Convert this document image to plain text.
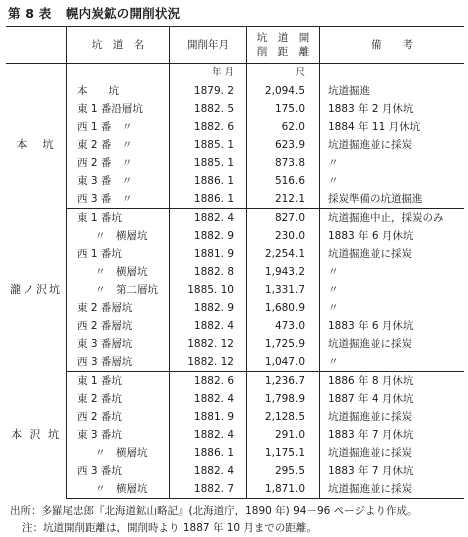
第 8 表 幌内炭鉱の開削状況
	坑　道　名	開削年月	坑　道　開
削　距　離	備　　考
		年 月	尺	
本　坑	本　　坑	1879. 2	2,094.5	坑道掘進
	東 1 番沿層坑	1882. 5	175.0	1883 年 2 月休坑
	西 1 番　〃	1882. 6	62.0	1884 年 11 月休坑
	東 2 番　〃	1885. 1	623.9	坑道掘進並に採炭
	西 2 番　〃	1885. 1	873.8	〃
	東 3 番　〃	1886. 1	516.6	〃
	西 3 番　〃	1886. 1	212.1	採炭準備の坑道掘進
瀧ノ沢坑	東 1 番坑	1882. 4	827.0	坑道掘進中止，採炭のみ
	〃　横層坑	1882. 9	230.0	1883 年 6 月休坑
	西 1 番坑	1881. 9	2,254.1	坑道掘進並に採炭
	〃　横層坑	1882. 8	1,943.2	〃
	〃　第二層坑	1885. 10	1,331.7	〃
	東 2 番層坑	1882. 9	1,680.9	〃
	西 2 番層坑	1882. 4	473.0	1883 年 6 月休坑
	東 3 番層坑	1882. 12	1,725.9	坑道掘進並に採炭
	西 3 番層坑	1882. 12	1,047.0	〃
本 沢 坑	東 1 番坑	1882. 6	1,236.7	1886 年 8 月休坑
	東 2 番坑	1882. 4	1,798.9	1887 年 4 月休坑
	西 2 番坑	1881. 9	2,128.5	坑道掘進並に採炭
	東 3 番坑	1882. 4	291.0	1883 年 7 月休坑
	〃　横層坑	1886. 1	1,175.1	坑道掘進並に採炭
	西 3 番坑	1882. 4	295.5	1883 年 7 月休坑
	〃　横層坑	1882. 7	1,871.0	坑道掘進並に採炭
出所：多羅尾忠郎『北海道鉱山略記』(北海道庁，1890 年) 94－96 ページより作成。
注：坑道開削距離は，開削時より 1887 年 10 月までの距離。
